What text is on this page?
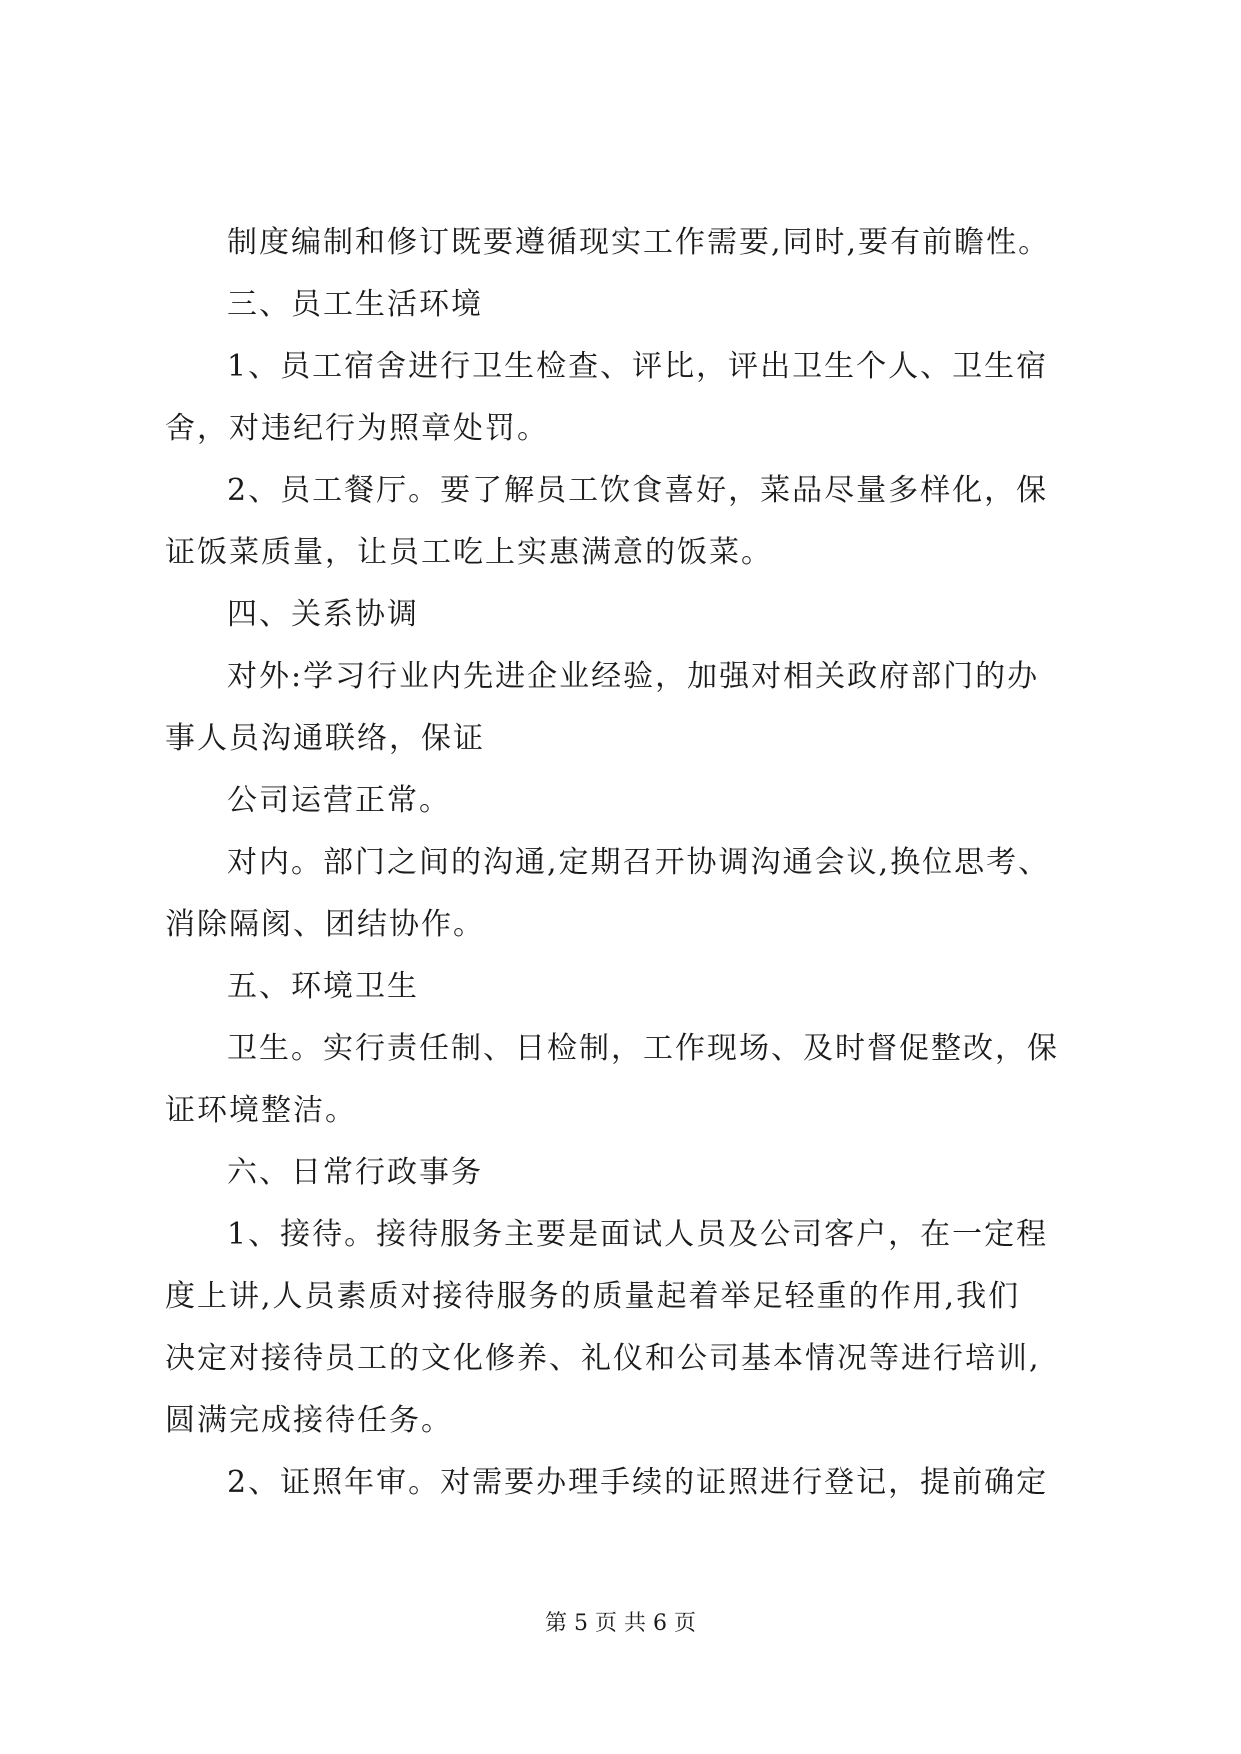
制度编制和修订既要遵循现实工作需要,同时,要有前瞻性。
三、员工生活环境
1、员工宿舍进行卫生检查、评比，评出卫生个人、卫生宿
舍，对违纪行为照章处罚。
2、员工餐厅。要了解员工饮食喜好，菜品尽量多样化，保
证饭菜质量，让员工吃上实惠满意的饭菜。
四、关系协调
对外:学习行业内先进企业经验，加强对相关政府部门的办
事人员沟通联络，保证
公司运营正常。
对内。部门之间的沟通,定期召开协调沟通会议,换位思考、
消除隔阂、团结协作。
五、环境卫生
卫生。实行责任制、日检制，工作现场、及时督促整改，保
证环境整洁。
六、日常行政事务
1、接待。接待服务主要是面试人员及公司客户，在一定程
度上讲,人员素质对接待服务的质量起着举足轻重的作用,我们
决定对接待员工的文化修养、礼仪和公司基本情况等进行培训,
圆满完成接待任务。
2、证照年审。对需要办理手续的证照进行登记，提前确定
第 5 页 共 6 页
